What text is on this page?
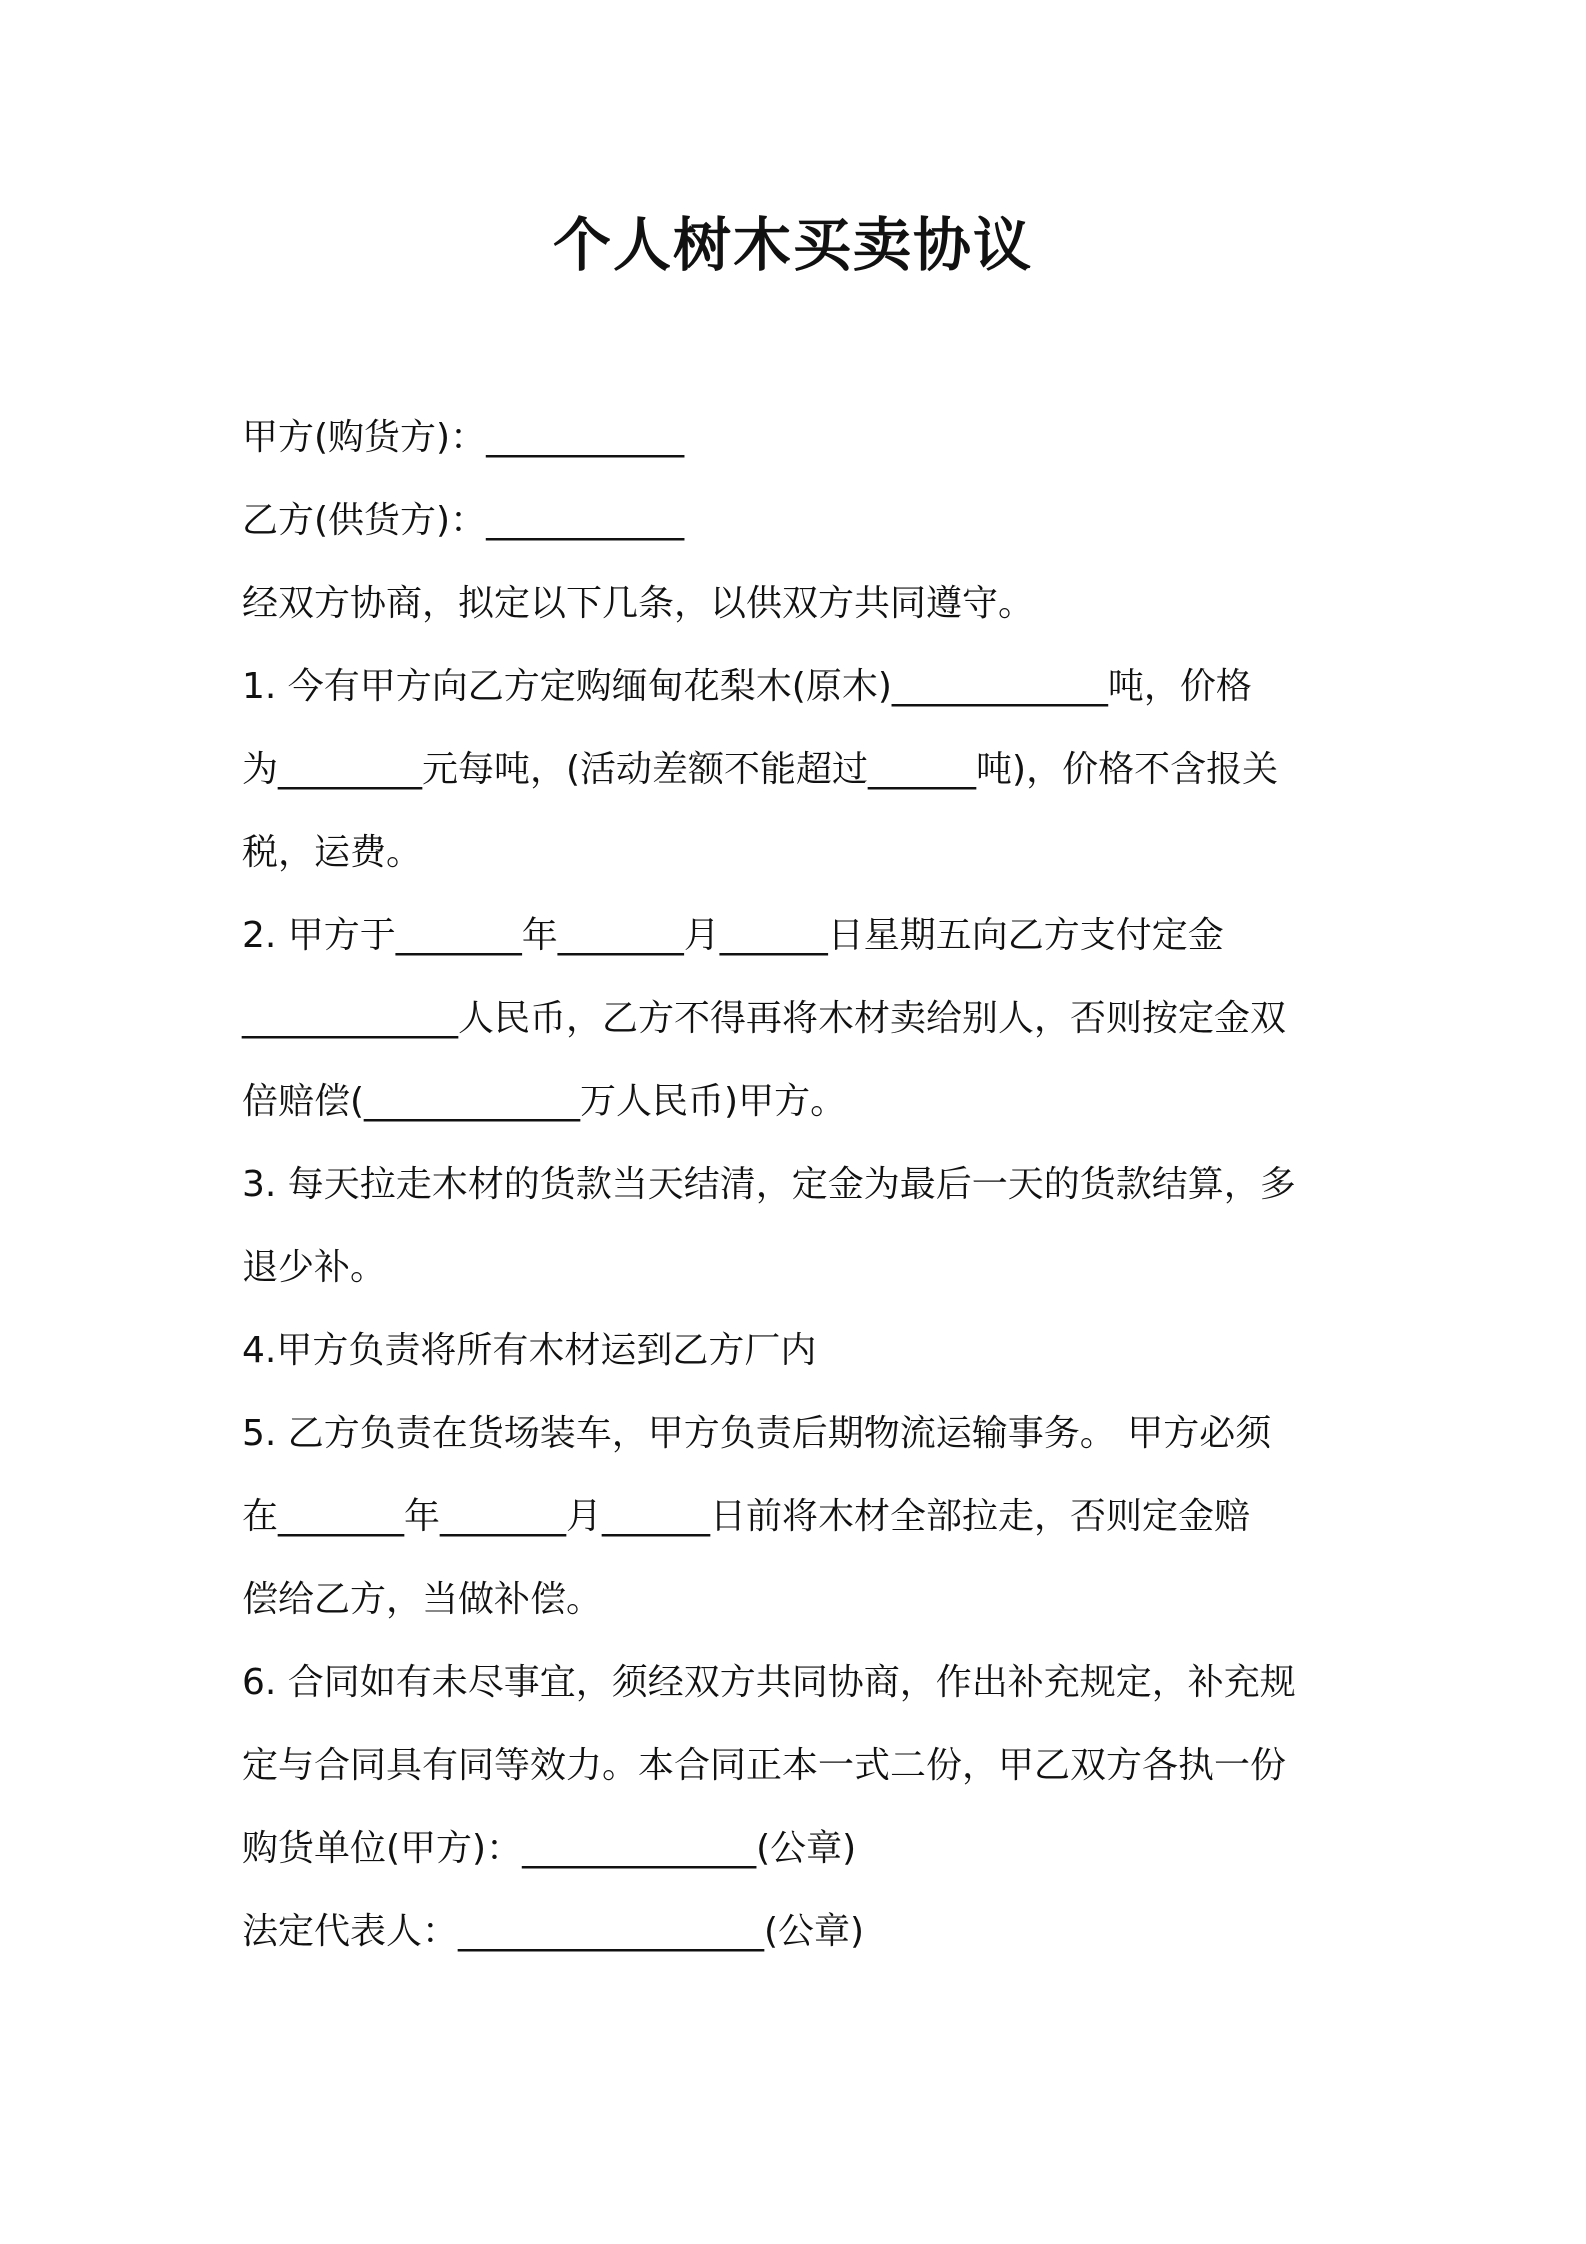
个人树木买卖协议
甲方(购货方)：___________
乙方(供货方)：___________
经双方协商，拟定以下几条，以供双方共同遵守。
1. 今有甲方向乙方定购缅甸花梨木(原木)____________吨，价格
为________元每吨，(活动差额不能超过______吨)，价格不含报关
税，运费。
2. 甲方于_______年_______月______日星期五向乙方支付定金
____________人民币，乙方不得再将木材卖给别人，否则按定金双
倍赔偿(____________万人民币)甲方。
3. 每天拉走木材的货款当天结清，定金为最后一天的货款结算，多
退少补。
4.甲方负责将所有木材运到乙方厂内
5. 乙方负责在货场装车，甲方负责后期物流运输事务。 甲方必须
在_______年_______月______日前将木材全部拉走，否则定金赔
偿给乙方，当做补偿。
6. 合同如有未尽事宜，须经双方共同协商，作出补充规定，补充规
定与合同具有同等效力。本合同正本一式二份，甲乙双方各执一份
购货单位(甲方)：_____________(公章)
法定代表人：_________________(公章)
